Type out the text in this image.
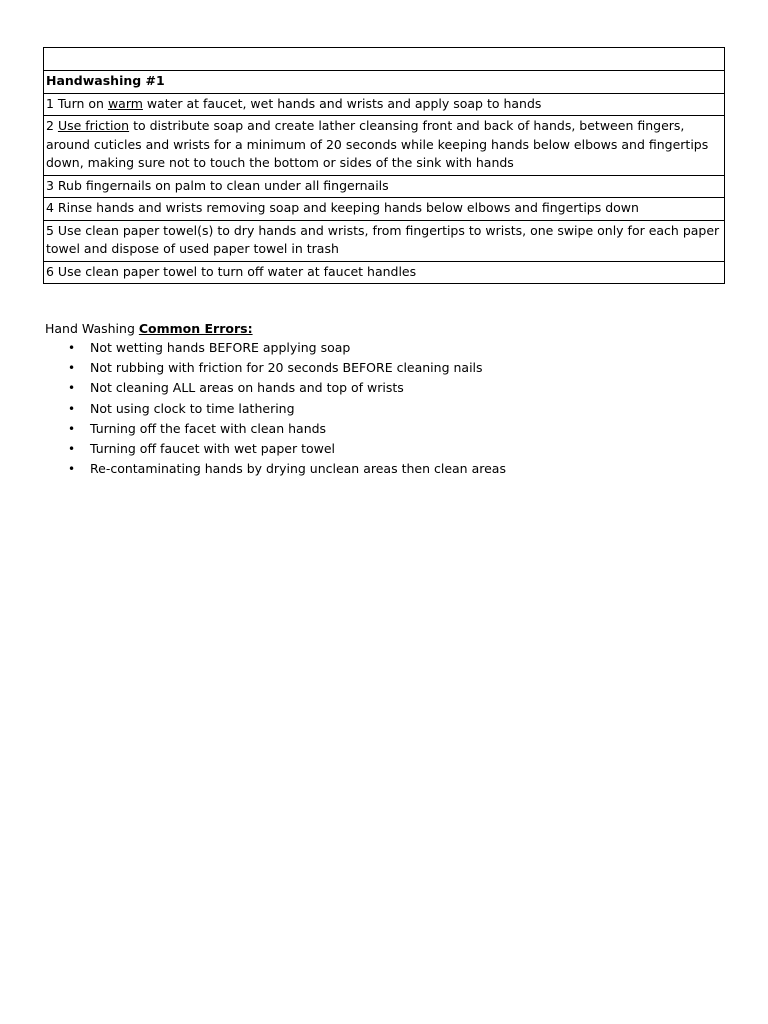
Handwashing #1
1 Turn on warm water at faucet, wet hands and wrists and apply soap to hands
2 Use friction to distribute soap and create lather cleansing front and back of hands, between fingers, around cuticles and wrists for a minimum of 20 seconds while keeping hands below elbows and fingertips down, making sure not to touch the bottom or sides of the sink with hands
3 Rub fingernails on palm to clean under all fingernails
4 Rinse hands and wrists removing soap and keeping hands below elbows and fingertips down
5 Use clean paper towel(s) to dry hands and wrists, from fingertips to wrists, one swipe only for each paper towel and dispose of used paper towel in trash
6 Use clean paper towel to turn off water at faucet handles
Hand Washing Common Errors:
• Not wetting hands BEFORE applying soap
• Not rubbing with friction for 20 seconds BEFORE cleaning nails
• Not cleaning ALL areas on hands and top of wrists
• Not using clock to time lathering
• Turning off the facet with clean hands
• Turning off faucet with wet paper towel
• Re-contaminating hands by drying unclean areas then clean areas
